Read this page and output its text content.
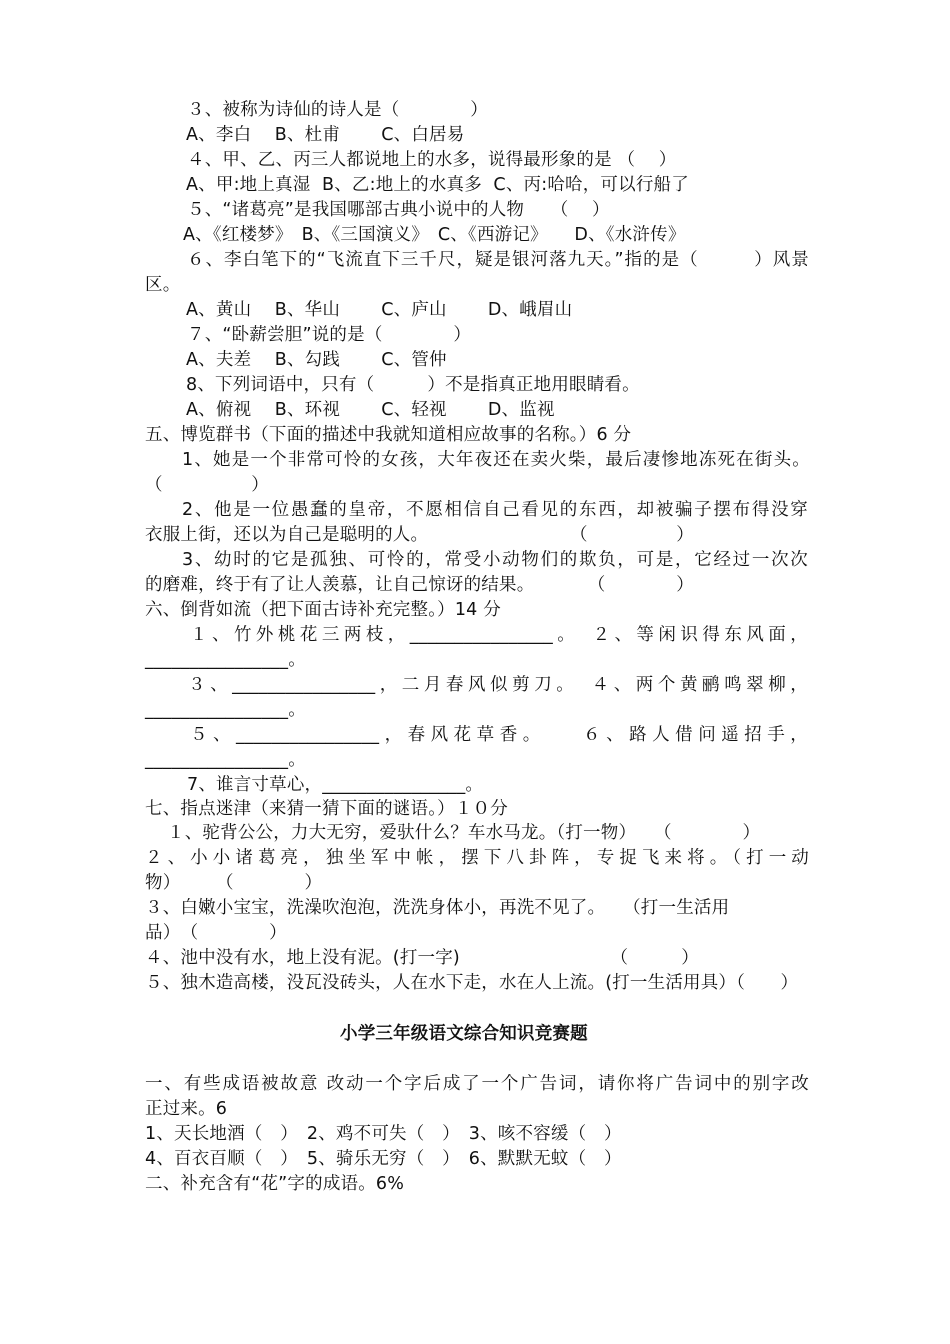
３、被称为诗仙的诗人是（　　　　）
A、李白　 B、杜甫　　 C、白居易
４、甲、乙、丙三人都说地上的水多，说得最形象的是 （　 ）
A、甲:地上真湿  B、乙:地上的水真多  C、丙:哈哈，可以行船了
５、“诸葛亮”是我国哪部古典小说中的人物　　（　 ）
A、《红楼梦》　B、《三国演义》　C、《西游记》　　D、《水浒传》
６、李白笔下的“飞流直下三千尺，疑是银河落九天。”指的是（　　　）风景
区。
A、黄山　 B、华山　　 C、庐山　　 D、峨眉山
７、“卧薪尝胆”说的是（　　　　）
A、夫差　 B、勾践　　 C、管仲
8、下列词语中，只有（　　　）不是指真正地用眼睛看。
A、俯视　 B、环视　　 C、轻视　　 D、监视
五、博览群书（下面的描述中我就知道相应故事的名称。）6 分
1、她是一个非常可怜的女孩，大年夜还在卖火柴，最后凄惨地冻死在街头。
（　　　　　）
2、他是一位愚蠢的皇帝，不愿相信自己看见的东西，却被骗子摆布得没穿
衣服上街，还以为自己是聪明的人。　　　　　　　　　（　　　　　）
3、幼时的它是孤独、可怜的，常受小动物们的欺负，可是，它经过一次次
的磨难，终于有了让人羡慕，让自己惊讶的结果。　　　　（　　　　）
六、倒背如流（把下面古诗补充完整。）14 分
１、竹外桃花三两枝，________________。　２、等闲识得东风面，
________________。
３、________________，二月春风似剪刀。　４、两个黄鹂鸣翠柳，
________________。
５、________________，春风花草香。　　６、路人借问遥招手，
________________。
7、谁言寸草心，________________。
七、指点迷津（来猜一猜下面的谜语。）１０分
１、驼背公公，力大无穷，爱驮什么？车水马龙。（打一物）　　（　　　　）
２、小小诸葛亮，独坐军中帐，摆下八卦阵，专捉飞来将。（打一动
物）　　　（　　　　）
３、白嫩小宝宝，洗澡吹泡泡，洗洗身体小，再洗不见了。　　（打一生活用
品）　（　　　　）
４、池中没有水，地上没有泥。(打一字)　　　　　　　　　（　　　）
５、独木造高楼，没瓦没砖头，人在水下走，水在人上流。(打一生活用具）（　　）
小学三年级语文综合知识竞赛题
一、有些成语被故意 改动一个字后成了一个广告词，请你将广告词中的别字改
正过来。6
1、天长地酒（　）　2、鸡不可失（　）　3、咳不容缓（　）
4、百衣百顺（　）　5、骑乐无穷（　）　6、默默无蚊（　）
二、补充含有“花”字的成语。6%
